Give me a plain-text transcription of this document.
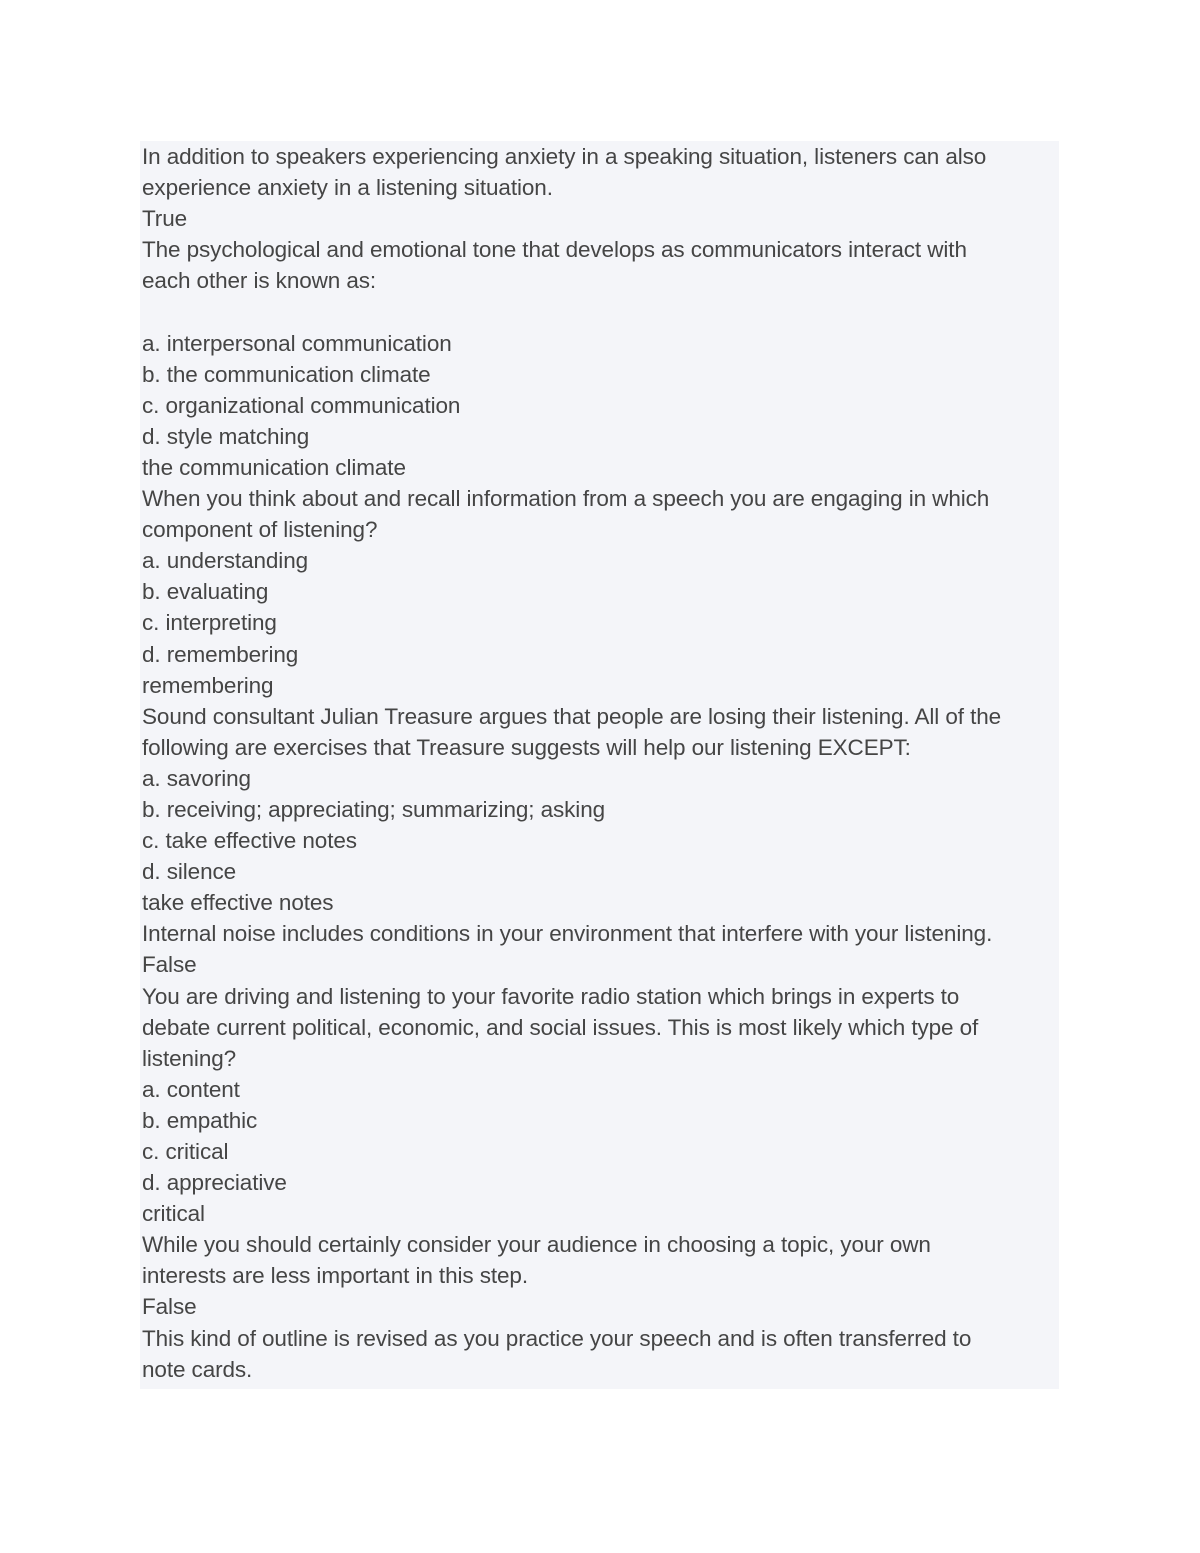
In addition to speakers experiencing anxiety in a speaking situation, listeners can also
experience anxiety in a listening situation.
True
The psychological and emotional tone that develops as communicators interact with
each other is known as:
a. interpersonal communication
b. the communication climate
c. organizational communication
d. style matching
the communication climate
When you think about and recall information from a speech you are engaging in which
component of listening?
a. understanding
b. evaluating
c. interpreting
d. remembering
remembering
Sound consultant Julian Treasure argues that people are losing their listening. All of the
following are exercises that Treasure suggests will help our listening EXCEPT:
a. savoring
b. receiving; appreciating; summarizing; asking
c. take effective notes
d. silence
take effective notes
Internal noise includes conditions in your environment that interfere with your listening.
False
You are driving and listening to your favorite radio station which brings in experts to
debate current political, economic, and social issues. This is most likely which type of
listening?
a. content
b. empathic
c. critical
d. appreciative
critical
While you should certainly consider your audience in choosing a topic, your own
interests are less important in this step.
False
This kind of outline is revised as you practice your speech and is often transferred to
note cards.
